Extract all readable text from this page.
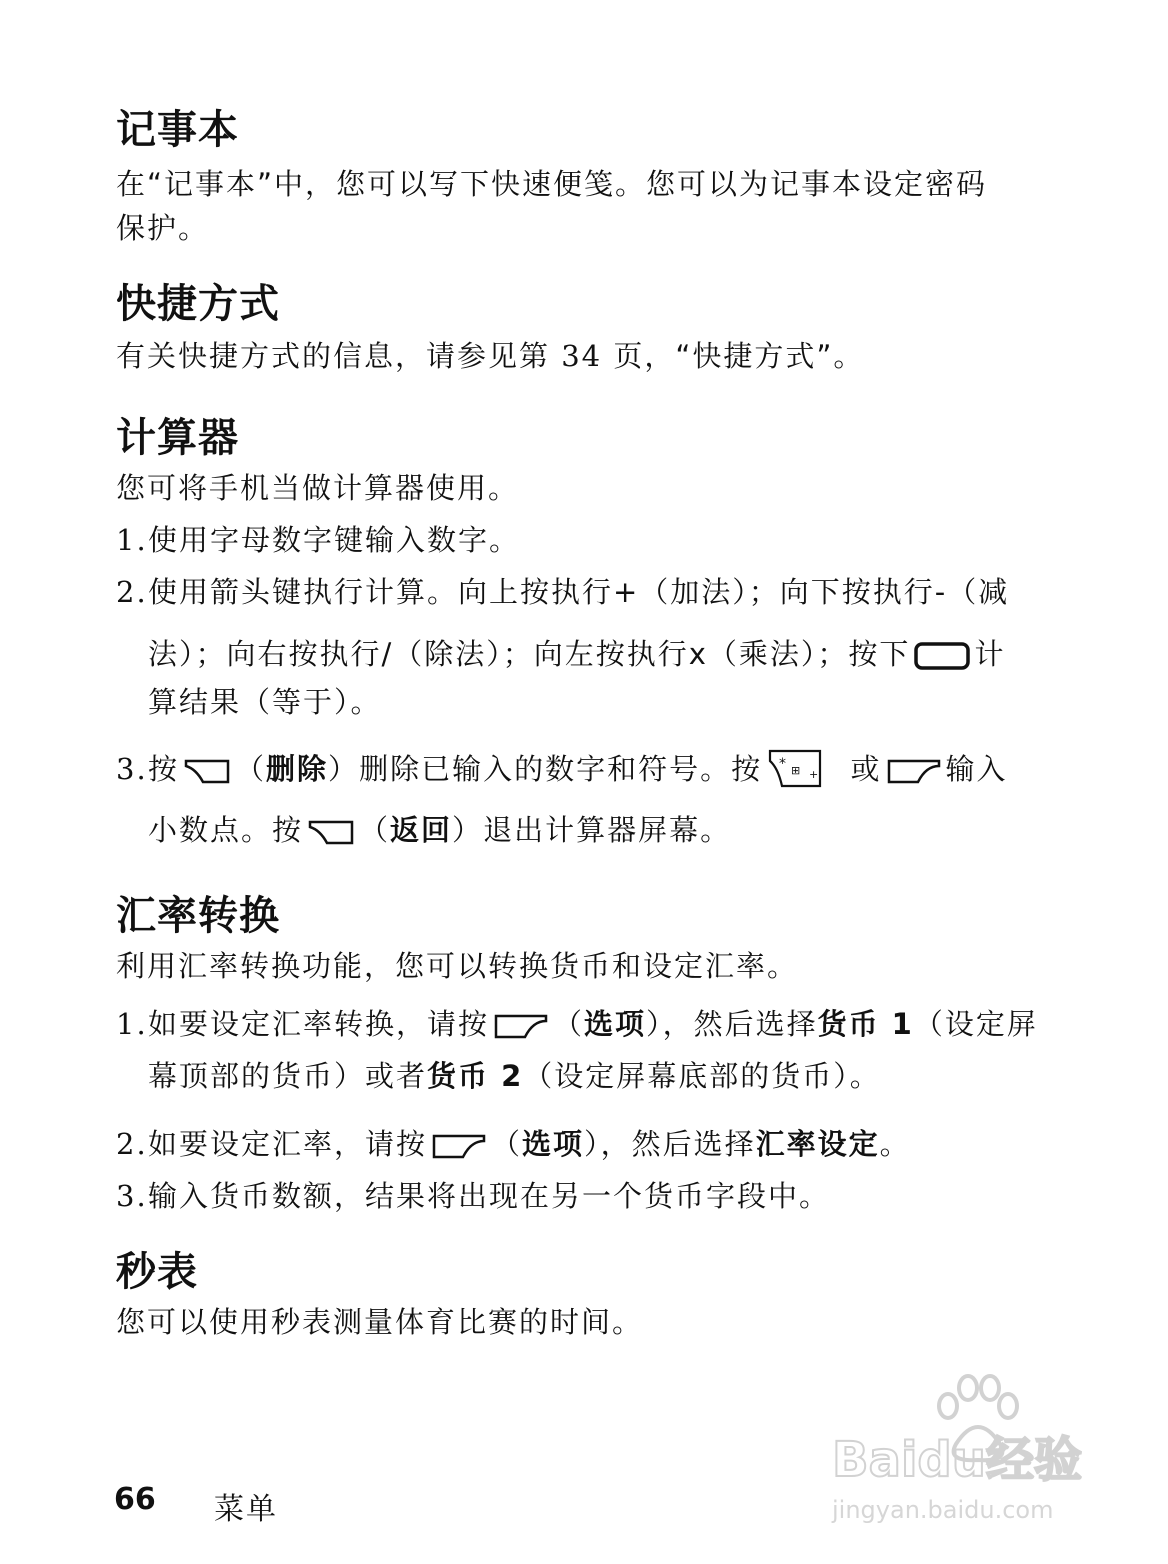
记事本

在“记事本”中，您可以写下快速便笺。您可以为记事本设定密码

保护。

快捷方式

有关快捷方式的信息，请参见第 34 页，“快捷方式”。

计算器

您可将手机当做计算器使用。

1.使用字母数字键输入数字。
2.使用箭头键执行计算。向上按执行+（加法）；向下按执行-（减
法）；向右按执行/（除法）；向左按执行x（乘法）；按下 计
算结果（等于）。
3.按 （删除）删除已输入的数字和符号。按 * ⊞ + 或 输入
小数点。按 （返回）退出计算器屏幕。
汇率转换

利用汇率转换功能，您可以转换货币和设定汇率。

1.如要设定汇率转换，请按 （选项），然后选择货币 1（设定屏
幕顶部的货币）或者货币 2（设定屏幕底部的货币）。
2.如要设定汇率，请按 （选项），然后选择汇率设定。
3.输入货币数额，结果将出现在另一个货币字段中。
秒表

您可以使用秒表测量体育比赛的时间。

Baidu经验
jingyan.baidu.com
66 菜单
